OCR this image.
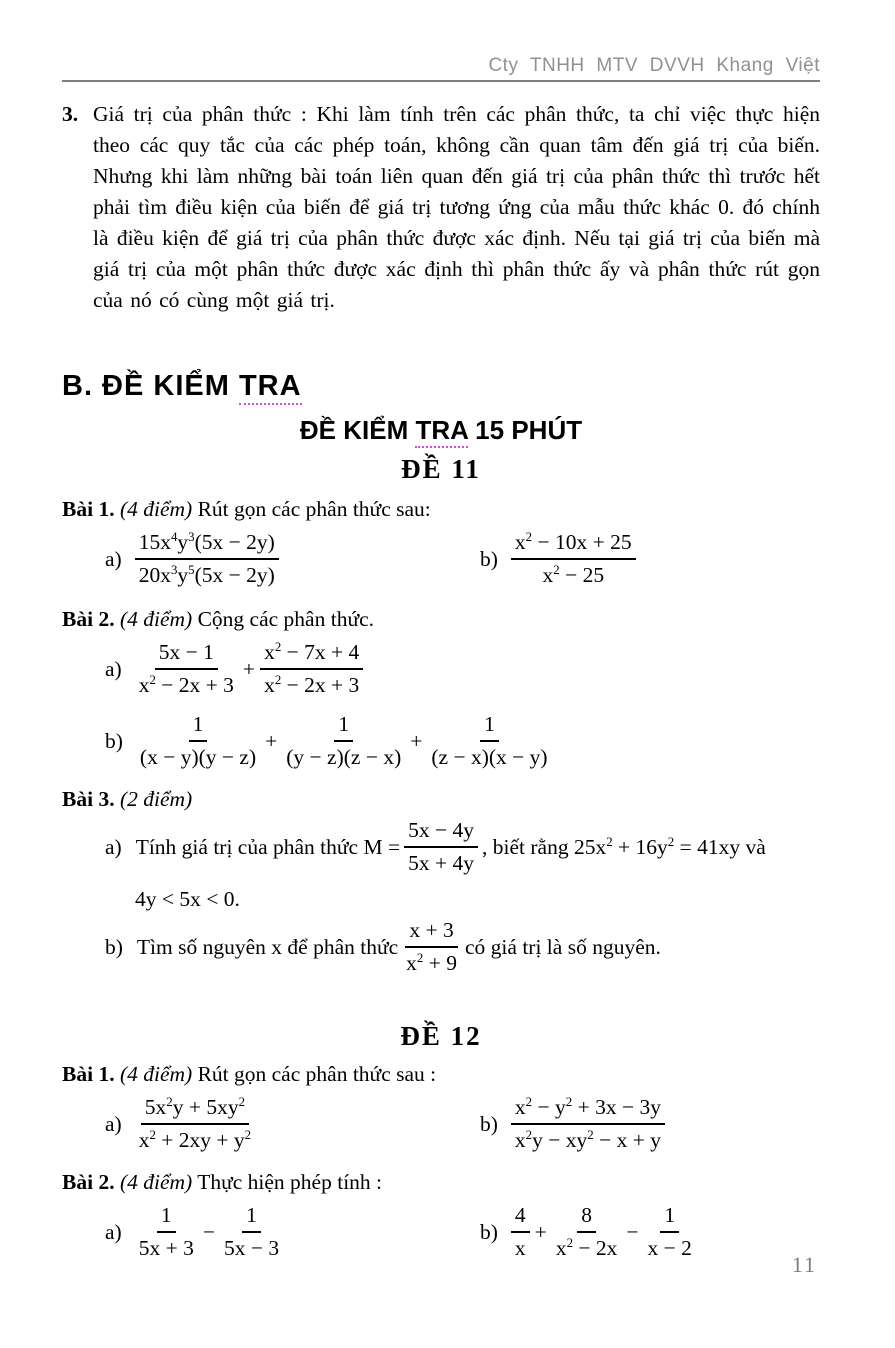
Cty TNHH MTV DVVH Khang Việt
3. Giá trị của phân thức : Khi làm tính trên các phân thức, ta chỉ việc thực hiện theo các quy tắc của các phép toán, không cần quan tâm đến giá trị của biến. Nhưng khi làm những bài toán liên quan đến giá trị của phân thức thì trước hết phải tìm điều kiện của biến để giá trị tương ứng của mẫu thức khác 0. đó chính là điều kiện để giá trị của phân thức được xác định. Nếu tại giá trị của biến mà giá trị của một phân thức được xác định thì phân thức ấy và phân thức rút gọn của nó có cùng một giá trị.
B. ĐỀ KIỂM TRA
ĐỀ KIỂM TRA 15 PHÚT
ĐỀ 11
Bài 1. (4 điểm) Rút gọn các phân thức sau:
$a) \frac{15x^4y^3(5x - 2y)}{20x^3y^5(5x - 2y)}$	$b) \frac{x^2 - 10x + 25}{x^2 - 25}$
Bài 2. (4 điểm) Cộng các phân thức.
$a) \frac{5x - 1}{x^2 - 2x + 3} + \frac{x^2 - 7x + 4}{x^2 - 2x + 3}$
$b) \frac{1}{(x - y)(y - z)} + \frac{1}{(y - z)(z - x)} + \frac{1}{(z - x)(x - y)}$
Bài 3. (2 điểm)
a) Tính giá trị của phân thức $M = \frac{5x - 4y}{5x + 4y}$ , biết rằng $25x^2 + 16y^2 = 41xy$ và
4y < 5x < 0.
b) Tìm số nguyên x để phân thức $\frac{x + 3}{x^2 + 9}$ có giá trị là số nguyên.
ĐỀ 12
Bài 1. (4 điểm) Rút gọn các phân thức sau :
$a) \frac{5x^2y + 5xy^2}{x^2 + 2xy + y^2}$	$b) \frac{x^2 - y^2 + 3x - 3y}{x^2y - xy^2 - x + y}$
Bài 2. (4 điểm) Thực hiện phép tính :
$a) \frac{1}{5x + 3} - \frac{1}{5x - 3}$	$b) \frac{4}{x} + \frac{8}{x^2 - 2x} - \frac{1}{x - 2}$
11
